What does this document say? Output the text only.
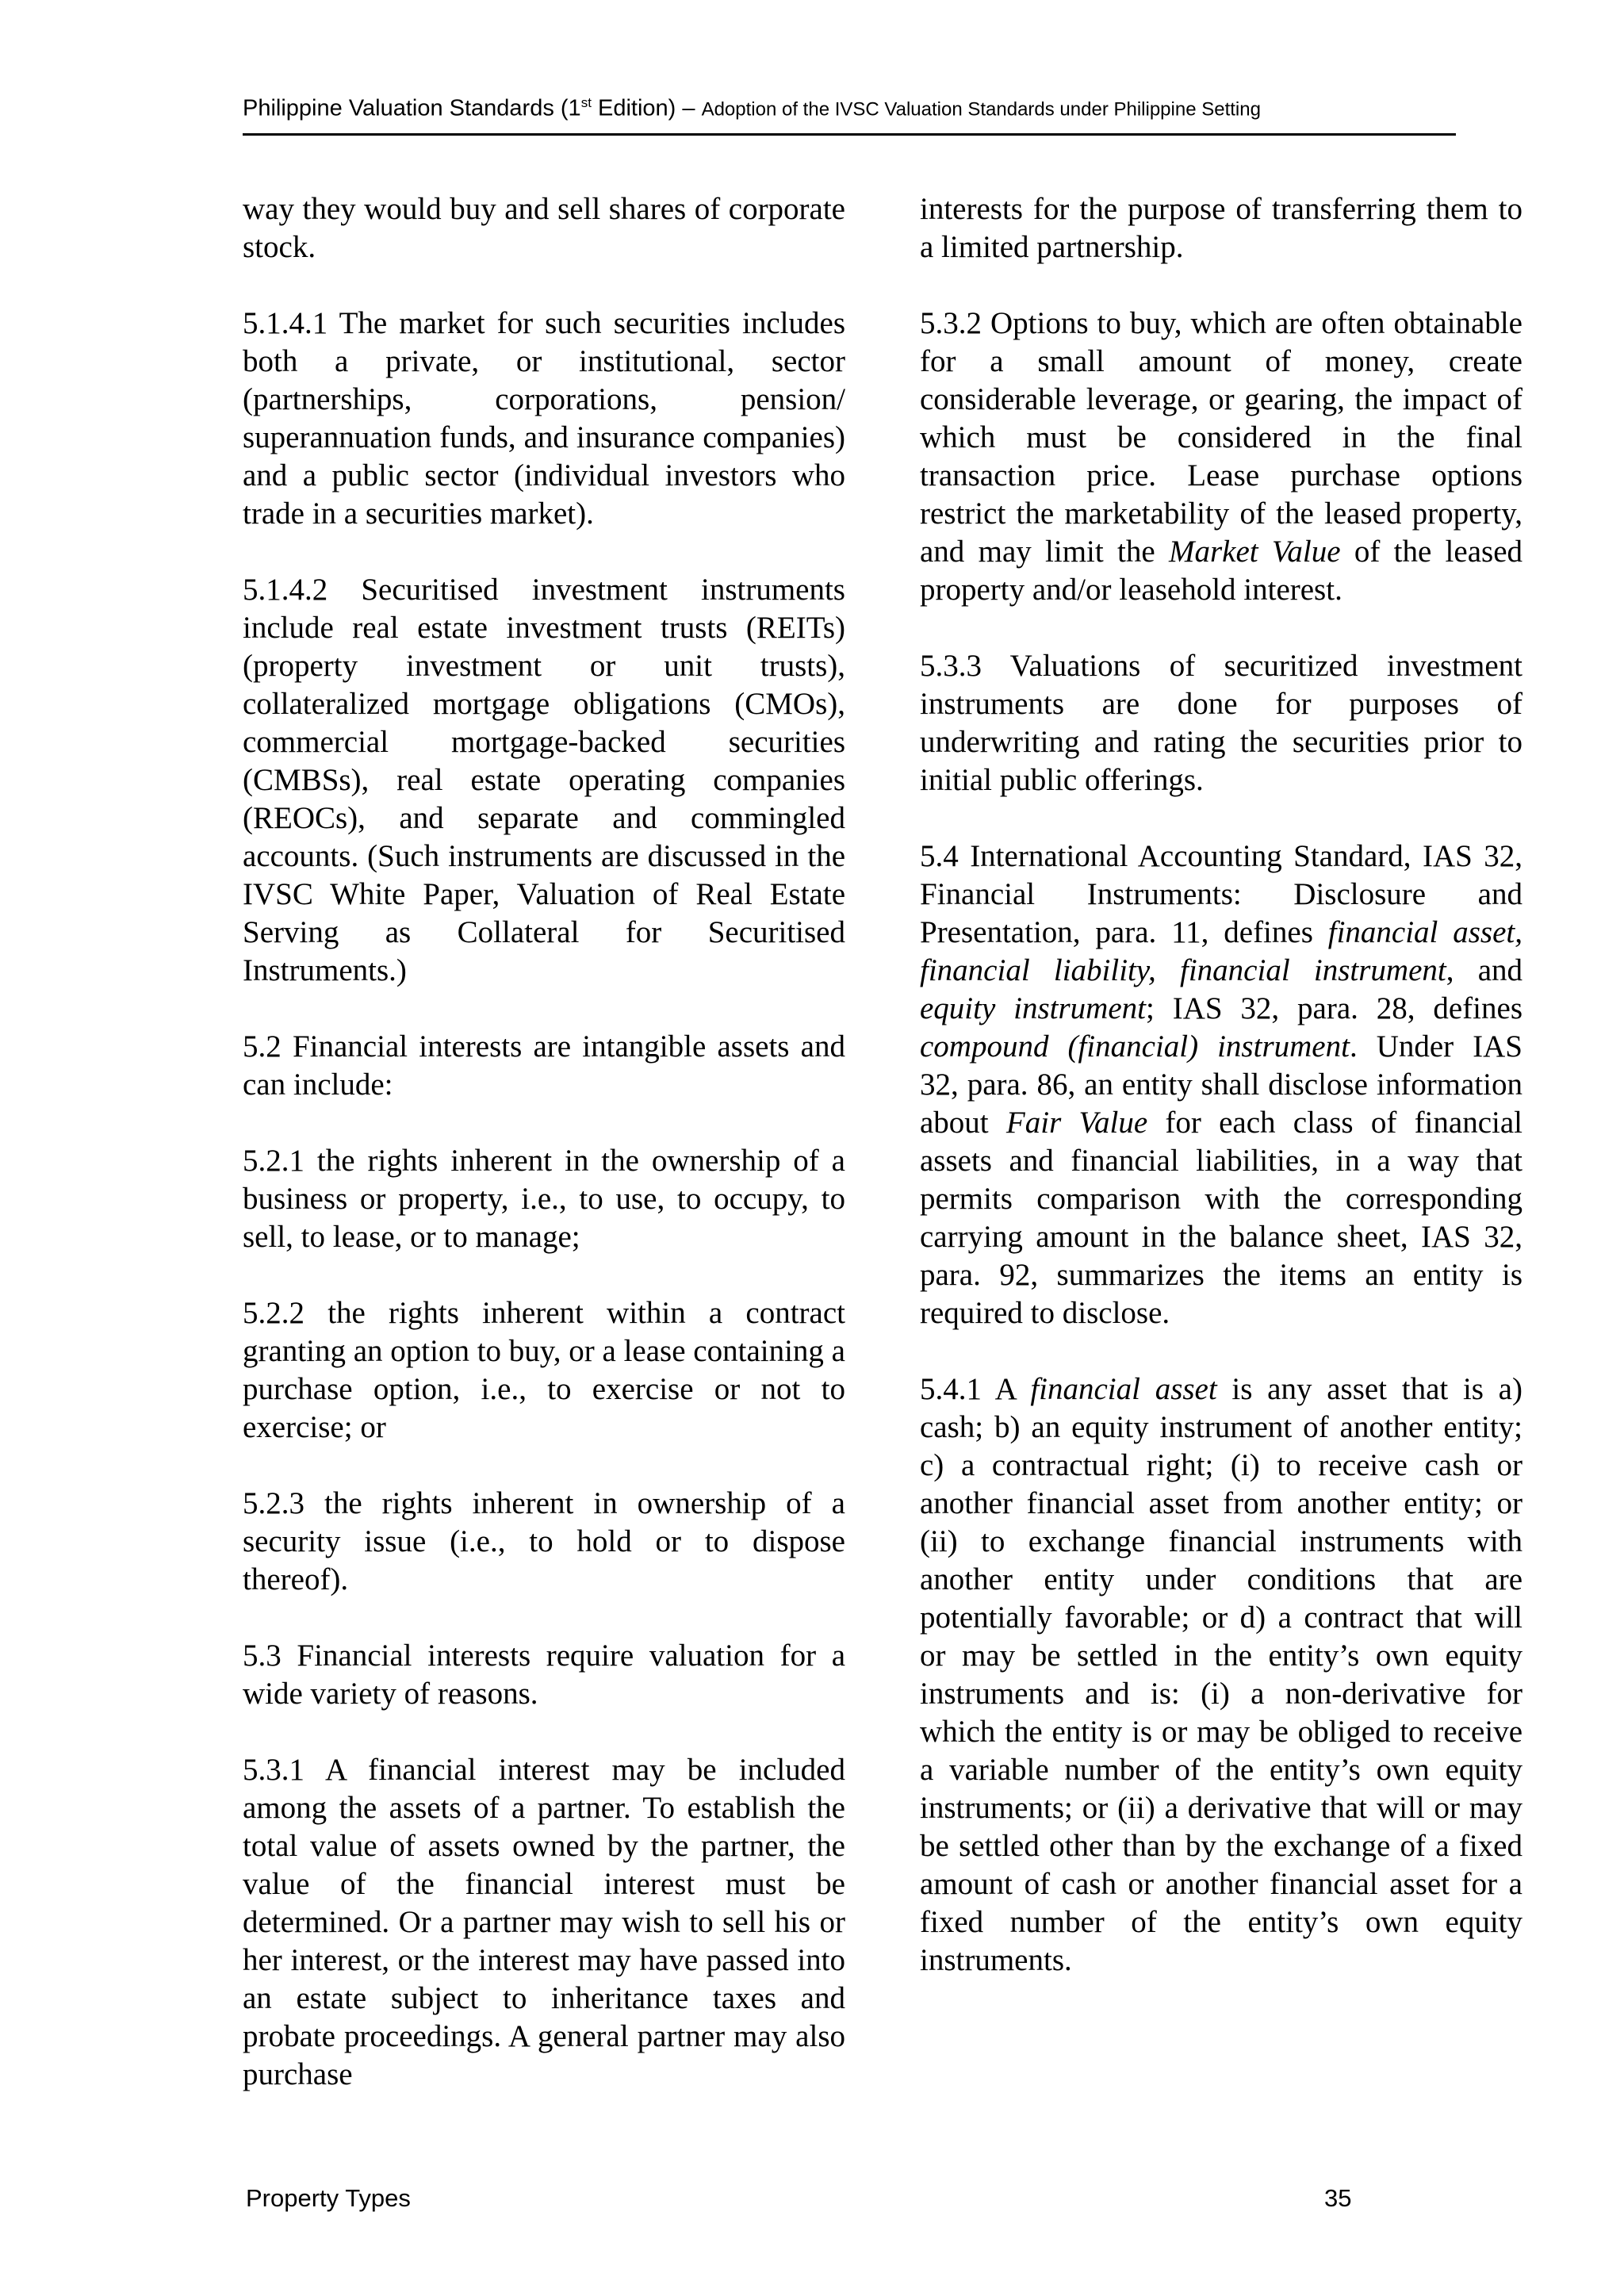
Philippine Valuation Standards (1st Edition) – Adoption of the IVSC Valuation Standards under Philippine Setting

way they would buy and sell shares of corporate stock.

5.1.4.1 The market for such securities includes both a private, or institutional, sector (partnerships, corporations, pension/ superannuation funds, and insurance companies) and a public sector (individual investors who trade in a securities market).

5.1.4.2 Securitised investment instruments include real estate investment trusts (REITs) (property investment or unit trusts), collateralized mortgage obligations (CMOs), commercial mortgage-backed securities (CMBSs), real estate operating companies (REOCs), and separate and commingled accounts. (Such instruments are discussed in the IVSC White Paper, Valuation of Real Estate Serving as Collateral for Securitised Instruments.)

5.2 Financial interests are intangible assets and can include:

5.2.1 the rights inherent in the ownership of a business or property, i.e., to use, to occupy, to sell, to lease, or to manage;

5.2.2 the rights inherent within a contract granting an option to buy, or a lease containing a purchase option, i.e., to exercise or not to exercise; or

5.2.3 the rights inherent in ownership of a security issue (i.e., to hold or to dispose thereof).

5.3 Financial interests require valuation for a wide variety of reasons.

5.3.1 A financial interest may be included among the assets of a partner. To establish the total value of assets owned by the partner, the value of the financial interest must be determined. Or a partner may wish to sell his or her interest, or the interest may have passed into an estate subject to inheritance taxes and probate proceedings. A general partner may also purchase

interests for the purpose of transferring them to a limited partnership.

5.3.2 Options to buy, which are often obtainable for a small amount of money, create considerable leverage, or gearing, the impact of which must be considered in the final transaction price. Lease purchase options restrict the marketability of the leased property, and may limit the Market Value of the leased property and/or leasehold interest.

5.3.3 Valuations of securitized investment instruments are done for purposes of underwriting and rating the securities prior to initial public offerings.

5.4 International Accounting Standard, IAS 32, Financial Instruments: Disclosure and Presentation, para. 11, defines financial asset, financial liability, financial instrument, and equity instrument; IAS 32, para. 28, defines compound (financial) instrument. Under IAS 32, para. 86, an entity shall disclose information about Fair Value for each class of financial assets and financial liabilities, in a way that permits comparison with the corresponding carrying amount in the balance sheet, IAS 32, para. 92, summarizes the items an entity is required to disclose.

5.4.1 A financial asset is any asset that is a) cash; b) an equity instrument of another entity; c) a contractual right; (i) to receive cash or another financial asset from another entity; or (ii) to exchange financial instruments with another entity under conditions that are potentially favorable; or d) a contract that will or may be settled in the entity’s own equity instruments and is: (i) a non-derivative for which the entity is or may be obliged to receive a variable number of the entity’s own equity instruments; or (ii) a derivative that will or may be settled other than by the exchange of a fixed amount of cash or another financial asset for a fixed number of the entity’s own equity instruments.

Property Types	35
